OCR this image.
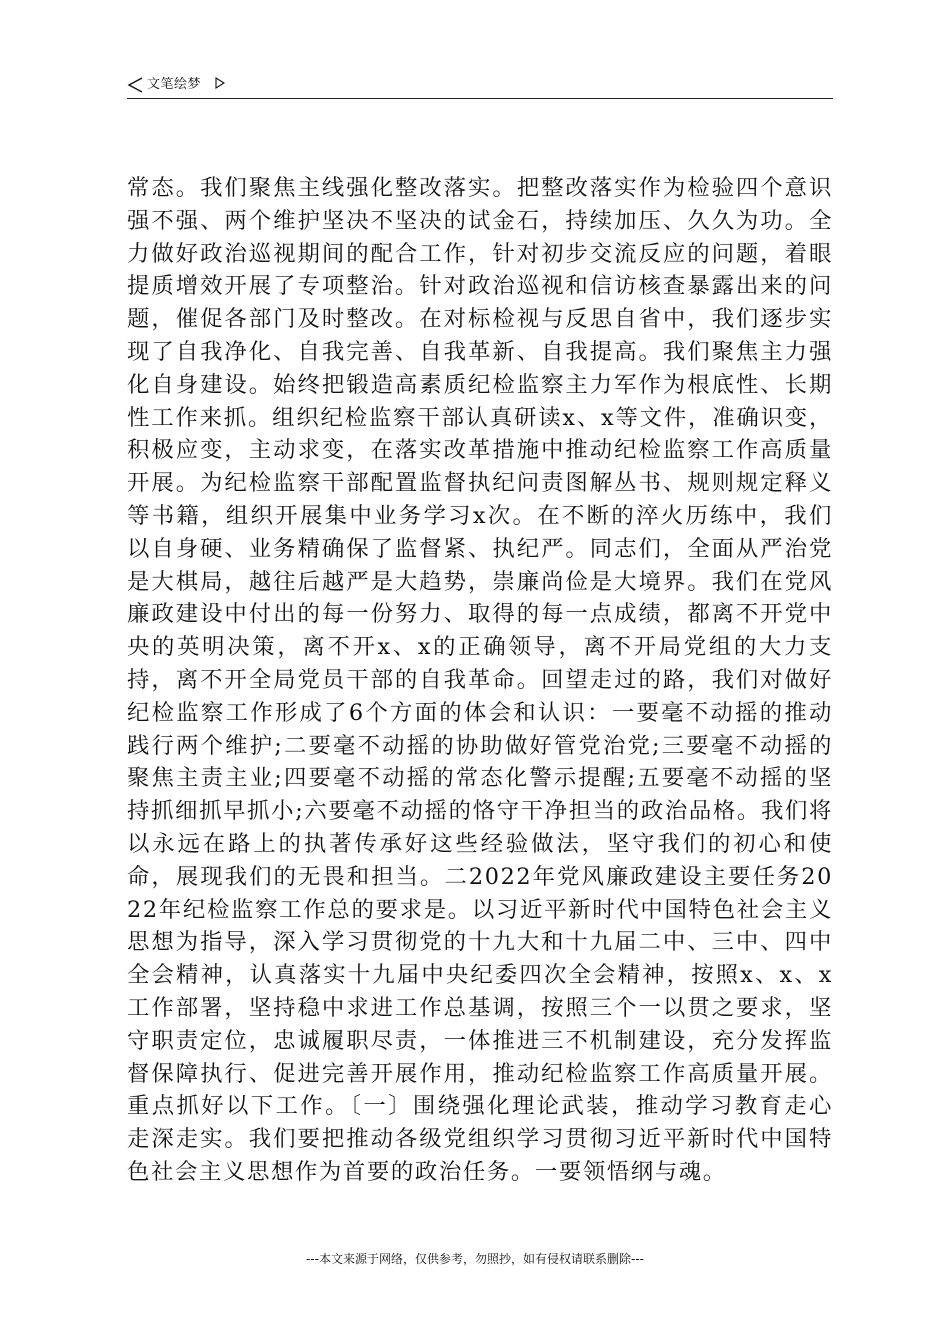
文笔绘梦

常态。我们聚焦主线强化整改落实。把整改落实作为检验四个意识强不强、两个维护坚决不坚决的试金石，持续加压、久久为功。全力做好政治巡视期间的配合工作，针对初步交流反应的问题，着眼提质增效开展了专项整治。针对政治巡视和信访核查暴露出来的问题，催促各部门及时整改。在对标检视与反思自省中，我们逐步实现了自我净化、自我完善、自我革新、自我提高。我们聚焦主力强化自身建设。始终把锻造高素质纪检监察主力军作为根底性、长期性工作来抓。组织纪检监察干部认真研读x、x等文件，准确识变，积极应变，主动求变，在落实改革措施中推动纪检监察工作高质量开展。为纪检监察干部配置监督执纪问责图解丛书、规则规定释义等书籍，组织开展集中业务学习x次。在不断的淬火历练中，我们以自身硬、业务精确保了监督紧、执纪严。同志们，全面从严治党是大棋局，越往后越严是大趋势，崇廉尚俭是大境界。我们在党风廉政建设中付出的每一份努力、取得的每一点成绩，都离不开党中央的英明决策，离不开x、x的正确领导，离不开局党组的大力支持，离不开全局党员干部的自我革命。回望走过的路，我们对做好纪检监察工作形成了6个方面的体会和认识：一要毫不动摇的推动践行两个维护;二要毫不动摇的协助做好管党治党;三要毫不动摇的聚焦主责主业;四要毫不动摇的常态化警示提醒;五要毫不动摇的坚持抓细抓早抓小;六要毫不动摇的恪守干净担当的政治品格。我们将以永远在路上的执著传承好这些经验做法，坚守我们的初心和使命，展现我们的无畏和担当。二2022年党风廉政建设主要任务2022年纪检监察工作总的要求是。以习近平新时代中国特色社会主义思想为指导，深入学习贯彻党的十九大和十九届二中、三中、四中全会精神，认真落实十九届中央纪委四次全会精神，按照x、x、x工作部署，坚持稳中求进工作总基调，按照三个一以贯之要求，坚守职责定位，忠诚履职尽责，一体推进三不机制建设，充分发挥监督保障执行、促进完善开展作用，推动纪检监察工作高质量开展。重点抓好以下工作。〔一〕围绕强化理论武装，推动学习教育走心走深走实。我们要把推动各级党组织学习贯彻习近平新时代中国特色社会主义思想作为首要的政治任务。一要领悟纲与魂。

---本文来源于网络，仅供参考，勿照抄，如有侵权请联系删除---
